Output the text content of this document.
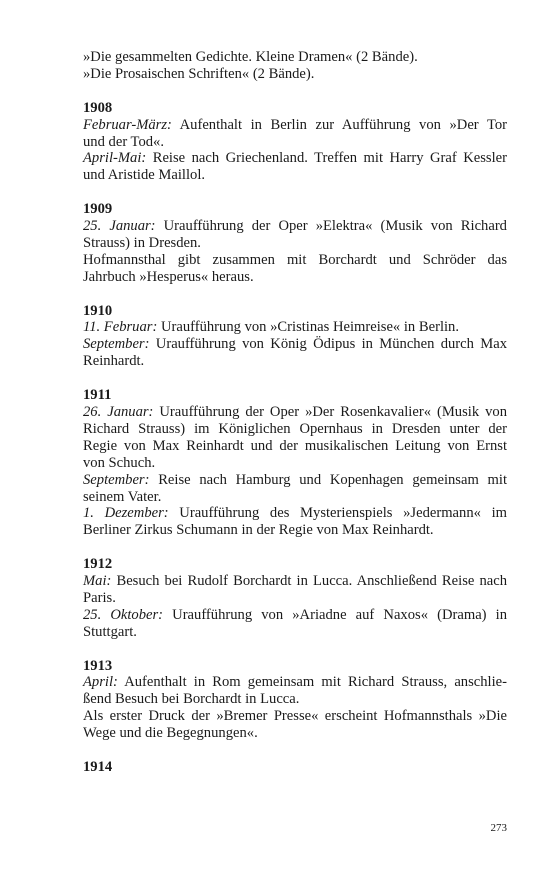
»Die gesammelten Gedichte. Kleine Dramen« (2 Bände).
»Die Prosaischen Schriften« (2 Bände).
1908
Februar-März: Aufenthalt in Berlin zur Aufführung von »Der Tor
und der Tod«.
April-Mai: Reise nach Griechenland. Treffen mit Harry Graf Kessler
und Aristide Maillol.
1909
25. Januar: Uraufführung der Oper »Elektra« (Musik von Richard
Strauss) in Dresden.
Hofmannsthal gibt zusammen mit Borchardt und Schröder das
Jahrbuch »Hesperus« heraus.
1910
11. Februar: Uraufführung von »Cristinas Heimreise« in Berlin.
September: Uraufführung von König Ödipus in München durch Max
Reinhardt.
1911
26. Januar: Uraufführung der Oper »Der Rosenkavalier« (Musik von
Richard Strauss) im Königlichen Opernhaus in Dresden unter der
Regie von Max Reinhardt und der musikalischen Leitung von Ernst
von Schuch.
September: Reise nach Hamburg und Kopenhagen gemeinsam mit
seinem Vater.
1. Dezember: Uraufführung des Mysterienspiels »Jedermann« im
Berliner Zirkus Schumann in der Regie von Max Reinhardt.
1912
Mai: Besuch bei Rudolf Borchardt in Lucca. Anschließend Reise nach
Paris.
25. Oktober: Uraufführung von »Ariadne auf Naxos« (Drama) in
Stuttgart.
1913
April: Aufenthalt in Rom gemeinsam mit Richard Strauss, anschlie-
ßend Besuch bei Borchardt in Lucca.
Als erster Druck der »Bremer Presse« erscheint Hofmannsthals »Die
Wege und die Begegnungen«.
1914
273
